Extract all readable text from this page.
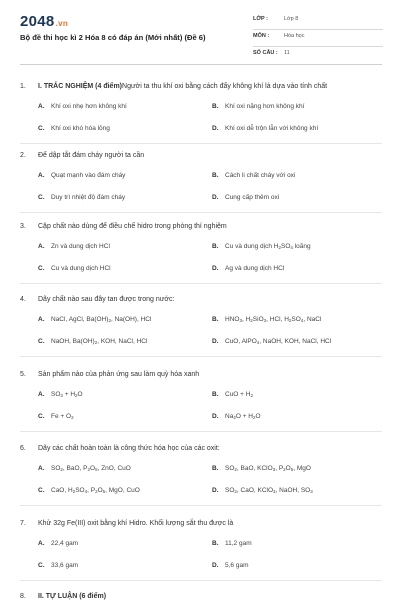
2048.vn
Bộ đề thi học kì 2 Hóa 8 có đáp án (Mới nhất) (Đề 6)
LỚP :	Lớp 8
MÔN :	Hóa học
SỐ CÂU : 11
1. I. TRẮC NGHIỆM (4 điểm)Người ta thu khí oxi bằng cách đẩy không khí là dựa vào tính chất
2. Để dập tắt đám cháy người ta cần
3. Cặp chất nào dùng để điều chế hidro trong phòng thí nghiệm
4. Dãy chất nào sau đây tan được trong nước:
5. Sản phẩm nào của phản ứng sau làm quỳ hóa xanh
6. Dãy các chất hoàn toàn là công thức hóa học của các oxit:
7. Khử 32g Fe(III) oxit bằng khí Hidro. Khối lượng sắt thu được là
8. II. TỰ LUẬN (6 điểm)
A. Khí oxi nhẹ hơn không khí	B. Khí oxi nặng hơn không khí
C. Khí oxi khó hóa lỏng	D. Khí oxi dễ trộn lẫn với không khí
A. Quạt mạnh vào đám cháy	B. Cách li chất cháy với oxi
C. Duy trì nhiệt độ đám cháy	D. Cung cấp thêm oxi
A. Zn và dung dịch HCl	B. Cu và dung dịch $H_2SO_4$ loãng
C. Cu và dung dịch HCl	D. Ag và dung dịch HCl
A. NaCl, AgCl, $Ba(OH)_2$, Na(OH), HCl	B. $HNO_3$, $H_2SiO_3$, HCl, $H_2SO_4$, NaCl
C. NaOH, $Ba(OH)_2$, KOH, NaCl, HCl	D. CuO, AlPO$_4$, NaOH, KOH, NaCl, HCl
A. $SO_3 + H_2O$	B. CuO + $H_2$
C. $Fe + O_2$	D. $Na_2O + H_2O$
A. $SO_2$, BaO, $P_2O_5$, ZnO, CuO	B. $SO_2$, BaO, KClO$_3$, $P_2O_5$, MgO
C. CaO, $H_2SO_4$, $P_2O_5$, MgO, CuO	D. $SO_2$, CaO, KClO$_3$, NaOH, $SO_3$
A. 22,4 gam	B. 11,2 gam
C. 33,6 gam	D. 5,6 gam
